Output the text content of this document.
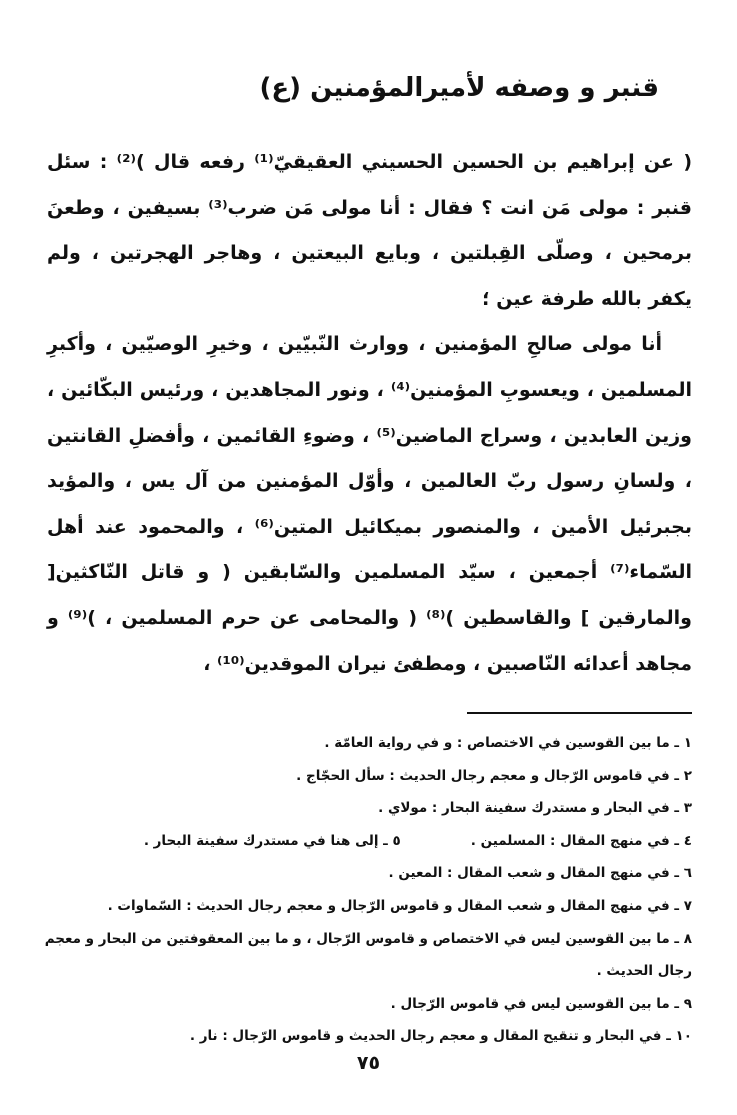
قنبر و وصفه لأميرالمؤمنين (ع)

( عن إبراهيم بن الحسين الحسيني العقيقيّ⁽¹⁾ رفعه قال )⁽²⁾ : سئل قنبر : مولى مَن انت ؟ فقال : أنا مولى مَن ضرب⁽³⁾ بسيفين ، وطعنَ برمحين ، وصلّى القِبلتين ، وبايع البيعتين ، وهاجر الهجرتين ، ولم يكفر بالله طرفة عين ؛

أنا مولى صالحِ المؤمنين ، ووارث النّبيّين ، وخيرِ الوصيّين ، وأكبرِ المسلمين ، ويعسوبِ المؤمنين⁽⁴⁾ ، ونور المجاهدين ، ورئيس البكّائين ، وزين العابدين ، وسراج الماضين⁽⁵⁾ ، وضوءِ القائمين ، وأفضلِ القانتين ، ولسانِ رسول ربّ العالمين ، وأوّل المؤمنين من آل يس ، والمؤيد بجبرئيل الأمين ، والمنصور بميكائيل المتين⁽⁶⁾ ، والمحمود عند أهل السّماء⁽⁷⁾ أجمعين ، سيّد المسلمين والسّابقين ( و قاتل النّاكثين[ والمارقين ] والقاسطين )⁽⁸⁾ ( والمحامى عن حرم المسلمين ، )⁽⁹⁾ و مجاهد أعدائه النّاصبين ، ومطفئ نيران الموقدين⁽¹⁰⁾ ،

١ ـ ما بين القوسين في الاختصاص : و في رواية العامّة .
٢ ـ في قاموس الرّجال و معجم رجال الحديث : سأل الحجّاج .
٣ ـ في البحار و مستدرك سفينة البحار : مولاي .
٤ ـ في منهج المقال : المسلمين .
٥ ـ إلى هنا في مستدرك سفينة البحار .
٦ ـ في منهج المقال و شعب المقال : المعين .
٧ ـ في منهج المقال و شعب المقال و قاموس الرّجال و معجم رجال الحديث : السّماوات .
٨ ـ ما بين القوسين ليس في الاختصاص و قاموس الرّجال ، و ما بين المعقوفتين من البحار و معجم رجال الحديث .
٩ ـ ما بين القوسين ليس في قاموس الرّجال .
١٠ ـ في البحار و تنقيح المقال و معجم رجال الحديث و قاموس الرّجال : نار .
٧٥
